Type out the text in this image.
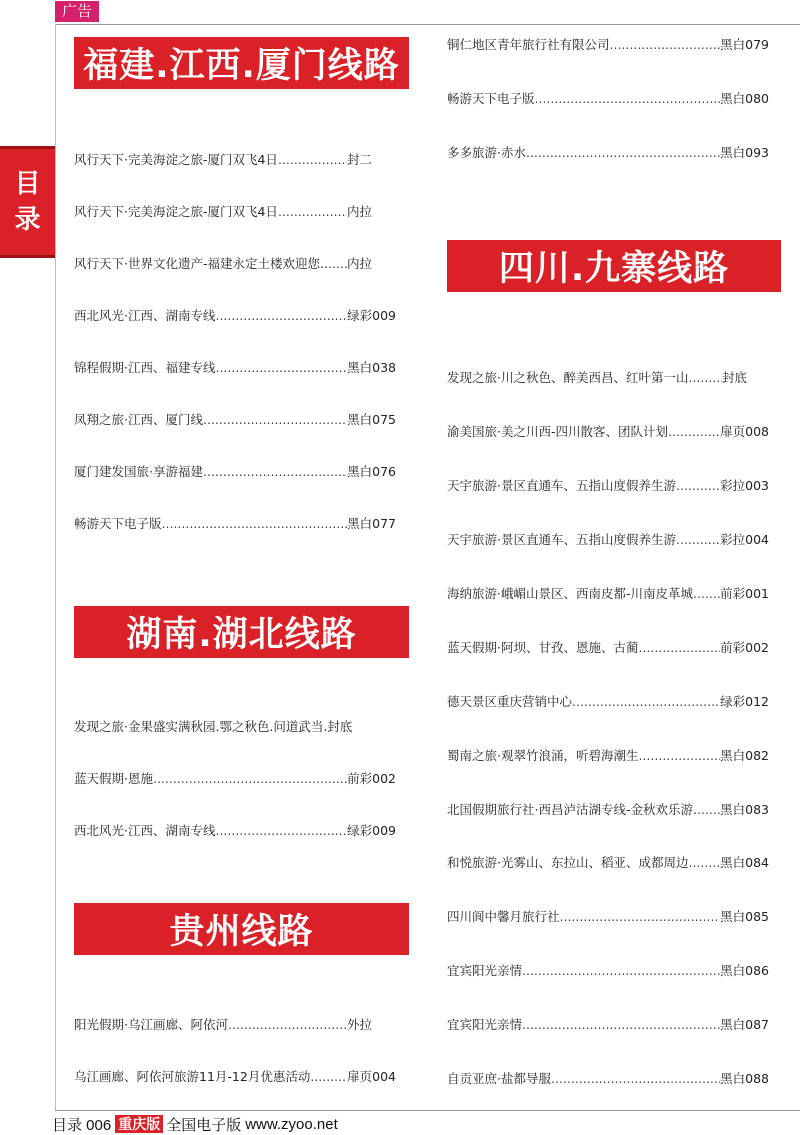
广告
目
录
福建.江西.厦门线路
风行天下·完美海淀之旅-厦门双飞4日 .....	封二
风行天下·完美海淀之旅-厦门双飞4日 .....	内拉
风行天下·世界文化遗产-福建永定土楼欢迎您.. ..... 内拉
西北风光·江西、湖南专线 .....	绿彩009
锦程假期·江西、福建专线 .....	黑白038
凤翔之旅·江西、厦门线 .....	黑白075
厦门建发国旅·享游福建 .....	黑白076
畅游天下电子版 .....	黑白077
湖南.湖北线路
发现之旅·金果盛实满秋园.鄂之秋色.问道武当 .封底
蓝天假期·恩施 .....	前彩002
西北风光·江西、湖南专线 .....	绿彩009
贵州线路
阳光假期·乌江画廊、阿依河 .....	外拉
乌江画廊、阿依河旅游11月-12月优惠活动 .....	扉页004
铜仁地区青年旅行社有限公司 .....	黑白079
畅游天下电子版 .....	黑白080
多多旅游·赤水 .....	黑白093
四川.九寨线路
发现之旅·川之秋色、醉美西昌、红叶第一山 .....	封底
渝美国旅·美之川西-四川散客、团队计划 .....	扉页008
天宇旅游·景区直通车、五指山度假养生游 .....	彩拉003
天宇旅游·景区直通车、五指山度假养生游 .....	彩拉004
海纳旅游·峨嵋山景区、西南皮都-川南皮革城 ..... 前彩001
蓝天假期·阿坝、甘孜、恩施、古蔺 .....	前彩002
德天景区重庆营销中心 .....	绿彩012
蜀南之旅·观翠竹浪涌，听碧海潮生 .....	黑白082
北国假期旅行社·西昌泸沽湖专线-金秋欢乐游. ..... 黑白083
和悦旅游·光雾山、东拉山、稻亚、成都周边 .....	黑白084
四川阆中馨月旅行社 .....	黑白085
宜宾阳光亲情 .....	黑白086
宜宾阳光亲情 .....	黑白087
自贡亚庶·盐都导服 .....	黑白088
目录 006 重庆版 全国电子版 www.zyoo.net
